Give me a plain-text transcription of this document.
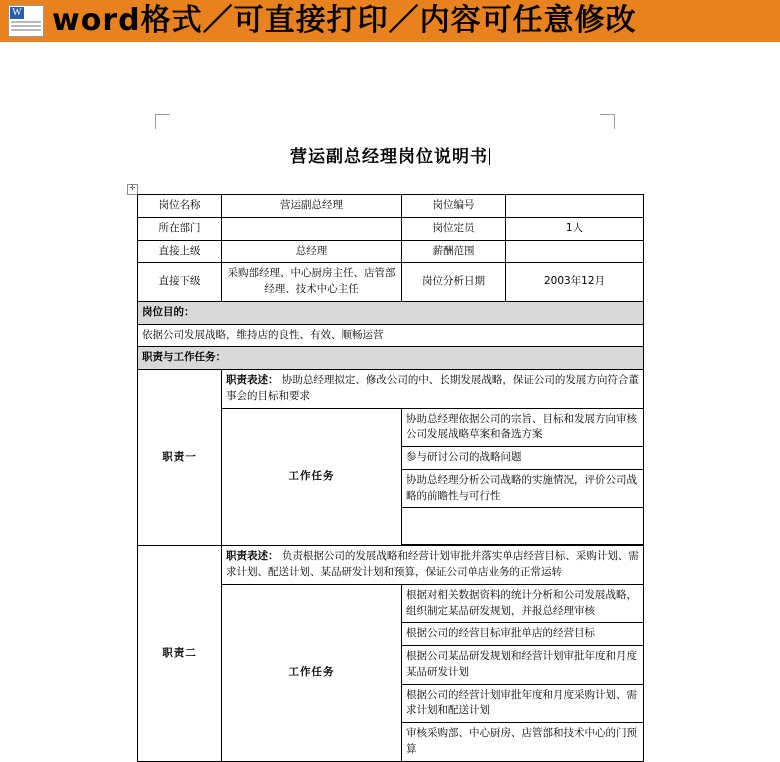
W word格式／可直接打印／内容可任意修改
营运副总经理岗位说明书
✛
岗位名称	营运副总经理	岗位编号	
所在部门		岗位定员	1人
直接上级	总经理	薪酬范围	
直接下级	采购部经理、中心厨房主任、店管部经理、技术中心主任	岗位分析日期	2003年12月
岗位目的：			
依据公司发展战略，维持店的良性、有效、顺畅运营			
职责与工作任务：			
职责一	职责表述： 协助总经理拟定、修改公司的中、长期发展战略，保证公司的发展方向符合董事会的目标和要求		
	工作任务	协助总经理依据公司的宗旨、目标和发展方向审核公司发展战略草案和备选方案	
		参与研讨公司的战略问题	
		协助总经理分析公司战略的实施情况，评价公司战略的前瞻性与可行性	

职责二	职责表述： 负责根据公司的发展战略和经营计划审批并落实单店经营目标、采购计划、需求计划、配送计划、某品研发计划和预算，保证公司单店业务的正常运转		
	工作任务	根据对相关数据资料的统计分析和公司发展战略，组织制定某品研发规划，并报总经理审核	
		根据公司的经营目标审批单店的经营目标	
		根据公司某品研发规划和经营计划审批年度和月度某品研发计划	
		根据公司的经营计划审批年度和月度采购计划、需求计划和配送计划	
		审核采购部、中心厨房、店管部和技术中心的门预算	
